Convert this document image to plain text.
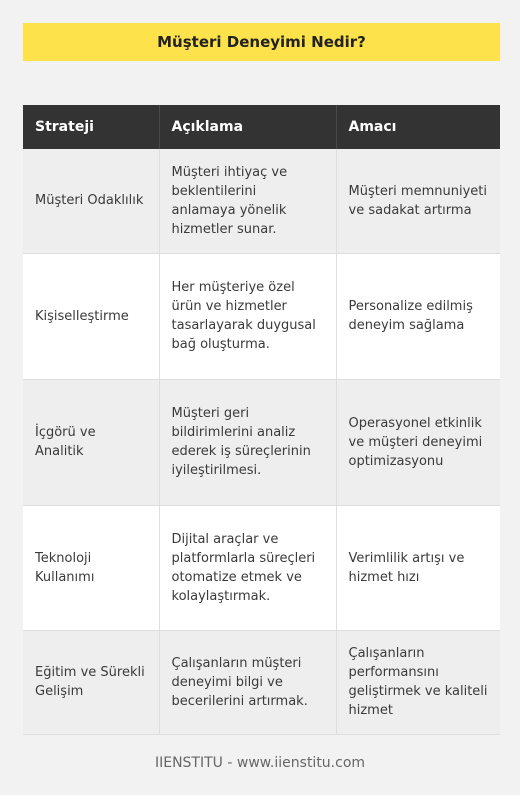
Müşteri Deneyimi Nedir?
Strateji	Açıklama	Amacı
Müşteri Odaklılık	Müşteri ihtiyaç ve beklentilerini anlamaya yönelik hizmetler sunar.	Müşteri memnuniyeti ve sadakat artırma
Kişiselleştirme	Her müşteriye özel ürün ve hizmetler tasarlayarak duygusal bağ oluşturma.	Personalize edilmiş deneyim sağlama
İçgörü ve Analitik	Müşteri geri bildirimlerini analiz ederek iş süreçlerinin iyileştirilmesi.	Operasyonel etkinlik ve müşteri deneyimi optimizasyonu
Teknoloji Kullanımı	Dijital araçlar ve platformlarla süreçleri otomatize etmek ve kolaylaştırmak.	Verimlilik artışı ve hizmet hızı
Eğitim ve Sürekli Gelişim	Çalışanların müşteri deneyimi bilgi ve becerilerini artırmak.	Çalışanların performansını geliştirmek ve kaliteli hizmet
IIENSTITU - www.iienstitu.com
